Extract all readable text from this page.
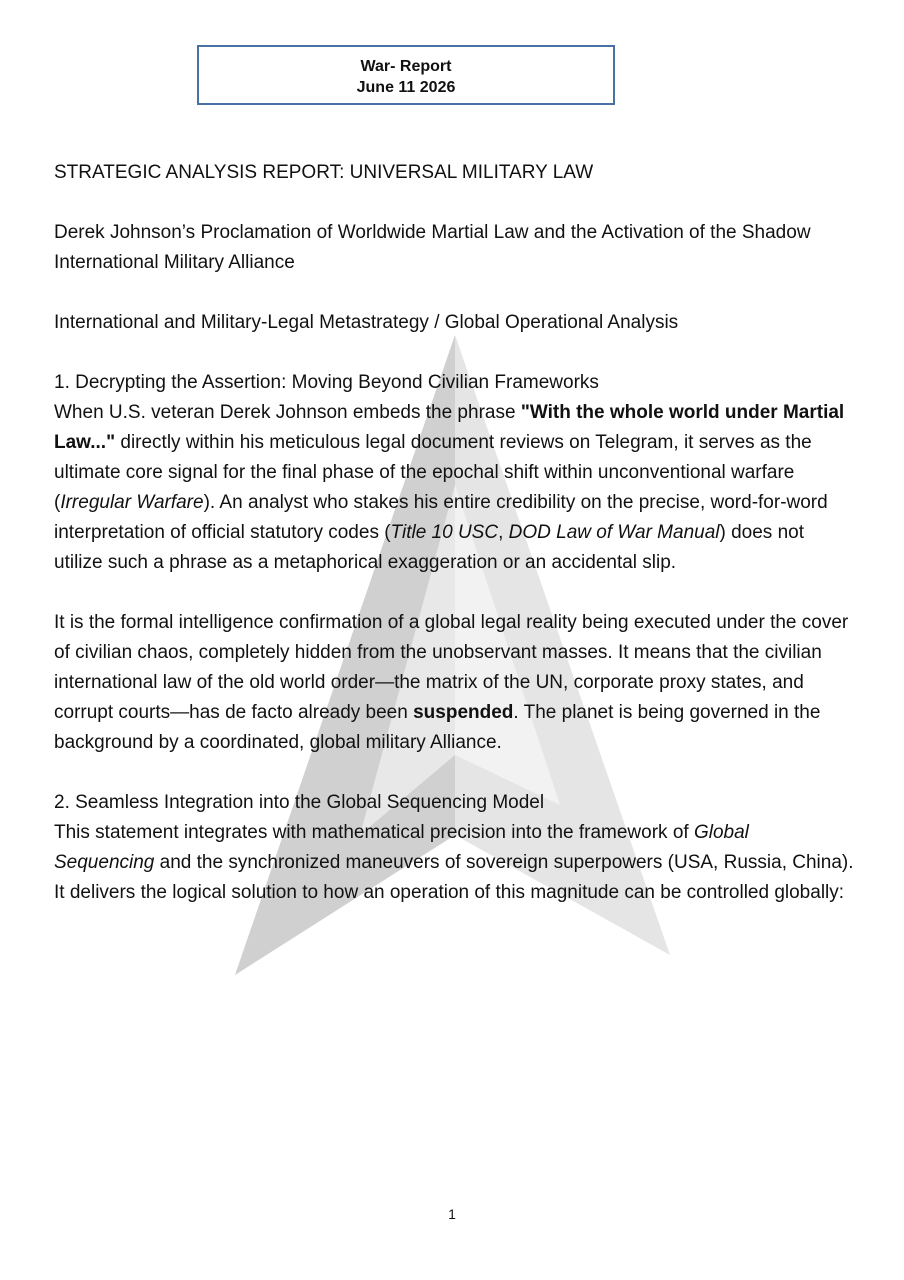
War- Report
June 11 2026

STRATEGIC ANALYSIS REPORT: UNIVERSAL MILITARY LAW

Derek Johnson’s Proclamation of Worldwide Martial Law and the Activation of the Shadow International Military Alliance

International and Military-Legal Metastrategy / Global Operational Analysis

1. Decrypting the Assertion: Moving Beyond Civilian Frameworks

When U.S. veteran Derek Johnson embeds the phrase "With the whole world under Martial Law..." directly within his meticulous legal document reviews on Telegram, it serves as the ultimate core signal for the final phase of the epochal shift within unconventional warfare (Irregular Warfare). An analyst who stakes his entire credibility on the precise, word-for-word interpretation of official statutory codes (Title 10 USC, DOD Law of War Manual) does not utilize such a phrase as a metaphorical exaggeration or an accidental slip.

It is the formal intelligence confirmation of a global legal reality being executed under the cover of civilian chaos, completely hidden from the unobservant masses. It means that the civilian international law of the old world order—the matrix of the UN, corporate proxy states, and corrupt courts—has de facto already been suspended. The planet is being governed in the background by a coordinated, global military Alliance.

2. Seamless Integration into the Global Sequencing Model

This statement integrates with mathematical precision into the framework of Global Sequencing and the synchronized maneuvers of sovereign superpowers (USA, Russia, China). It delivers the logical solution to how an operation of this magnitude can be controlled globally:

1
